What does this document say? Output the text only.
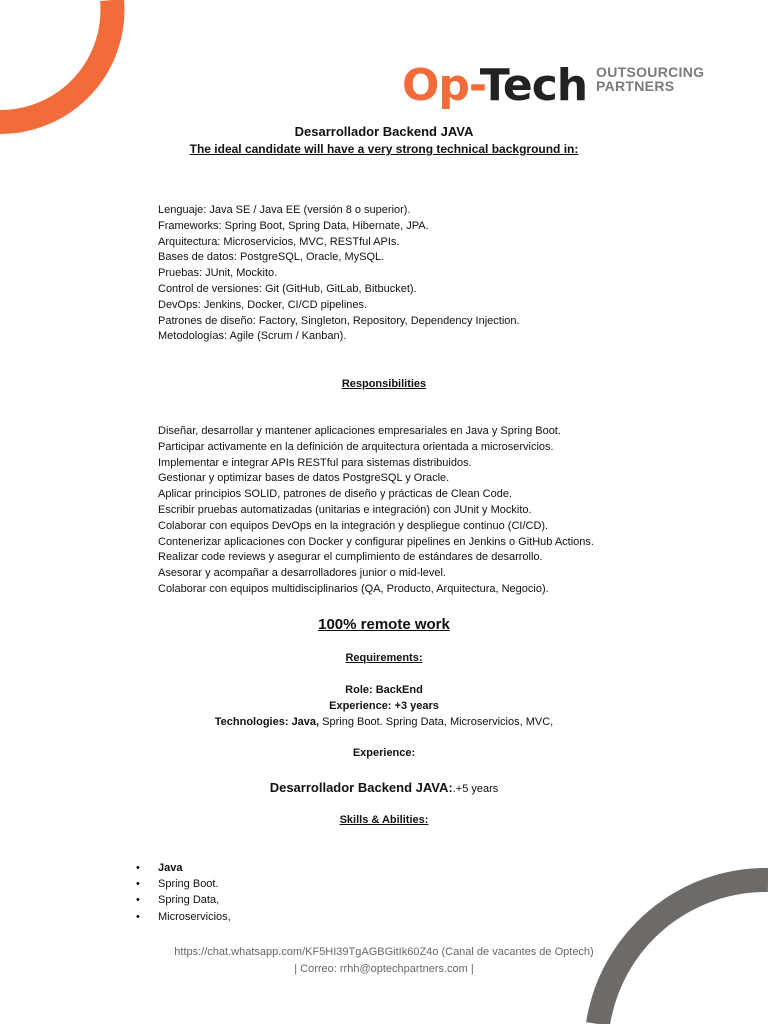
Op-Tech OUTSOURCING
PARTNERS
Desarrollador Backend JAVA
The ideal candidate will have a very strong technical background in:
Lenguaje: Java SE / Java EE (versión 8 o superior).
Frameworks: Spring Boot, Spring Data, Hibernate, JPA.
Arquitectura: Microservicios, MVC, RESTful APIs.
Bases de datos: PostgreSQL, Oracle, MySQL.
Pruebas: JUnit, Mockito.
Control de versiones: Git (GitHub, GitLab, Bitbucket).
DevOps: Jenkins, Docker, CI/CD pipelines.
Patrones de diseño: Factory, Singleton, Repository, Dependency Injection.
Metodologías: Agile (Scrum / Kanban).
Responsibilities
Diseñar, desarrollar y mantener aplicaciones empresariales en Java y Spring Boot.
Participar activamente en la definición de arquitectura orientada a microservicios.
Implementar e integrar APIs RESTful para sistemas distribuidos.
Gestionar y optimizar bases de datos PostgreSQL y Oracle.
Aplicar principios SOLID, patrones de diseño y prácticas de Clean Code.
Escribir pruebas automatizadas (unitarias e integración) con JUnit y Mockito.
Colaborar con equipos DevOps en la integración y despliegue continuo (CI/CD).
Contenerizar aplicaciones con Docker y configurar pipelines en Jenkins o GitHub Actions.
Realizar code reviews y asegurar el cumplimiento de estándares de desarrollo.
Asesorar y acompañar a desarrolladores junior o mid-level.
Colaborar con equipos multidisciplinarios (QA, Producto, Arquitectura, Negocio).
100% remote work
Requirements:
Role: BackEnd
Experience: +3 years
Technologies: Java, Spring Boot. Spring Data, Microservicios, MVC,
Experience:
Desarrollador Backend JAVA:.+5 years
Skills & Abilities:
• Java
• Spring Boot.
• Spring Data,
• Microservicios,
https://chat.whatsapp.com/KF5HI39TgAGBGitIk60Z4o (Canal de vacantes de Optech)
| Correo: rrhh@optechpartners.com |
